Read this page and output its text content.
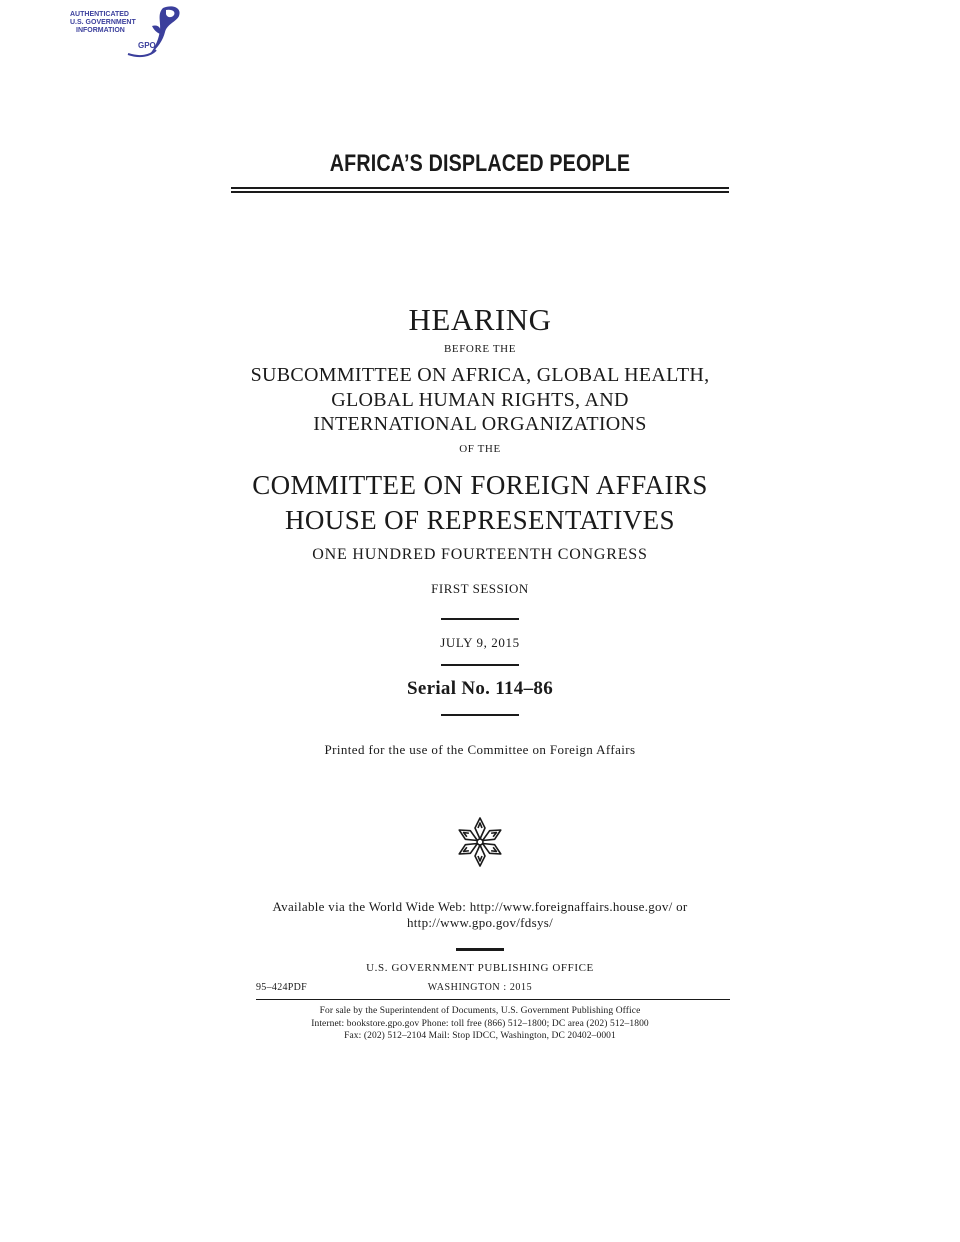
AUTHENTICATED
U.S. GOVERNMENT
INFORMATION
GPO
AFRICA’S DISPLACED PEOPLE
HEARING
BEFORE THE
SUBCOMMITTEE ON AFRICA, GLOBAL HEALTH,
GLOBAL HUMAN RIGHTS, AND
INTERNATIONAL ORGANIZATIONS
OF THE
COMMITTEE ON FOREIGN AFFAIRS
HOUSE OF REPRESENTATIVES
ONE HUNDRED FOURTEENTH CONGRESS
FIRST SESSION
JULY 9, 2015
Serial No. 114–86
Printed for the use of the Committee on Foreign Affairs
Available via the World Wide Web: http://www.foreignaffairs.house.gov/ or
http://www.gpo.gov/fdsys/
U.S. GOVERNMENT PUBLISHING OFFICE
95–424PDF	WASHINGTON : 2015
For sale by the Superintendent of Documents, U.S. Government Publishing Office
Internet: bookstore.gpo.gov Phone: toll free (866) 512–1800; DC area (202) 512–1800
Fax: (202) 512–2104 Mail: Stop IDCC, Washington, DC 20402–0001
